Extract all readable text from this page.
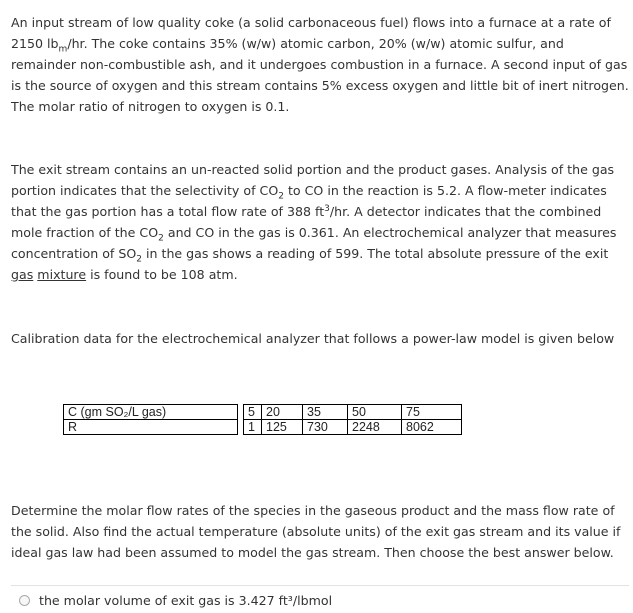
An input stream of low quality coke (a solid carbonaceous fuel) flows into a furnace at a rate of 2150 $lb_m/hr$. The coke contains 35% (w/w) atomic carbon, 20% (w/w) atomic sulfur, and remainder non-combustible ash, and it undergoes combustion in a furnace. A second input of gas is the source of oxygen and this stream contains 5% excess oxygen and little bit of inert nitrogen. The molar ratio of nitrogen to oxygen is 0.1.

The exit stream contains an un-reacted solid portion and the product gases. Analysis of the gas portion indicates that the selectivity of $CO_2$ to CO in the reaction is 5.2. A flow-meter indicates that the gas portion has a total flow rate of 388 $ft^3/hr$. A detector indicates that the combined mole fraction of the $CO_2$ and CO in the gas is 0.361. An electrochemical analyzer that measures concentration of $SO_2$ in the gas shows a reading of 599. The total absolute pressure of the exit gas mixture is found to be 108 atm.

Calibration data for the electrochemical analyzer that follows a power-law model is given below

C (gm SO₂/L gas)		5	20	35	50	75
R		1	125	730	2248	8062

Determine the molar flow rates of the species in the gaseous product and the mass flow rate of the solid. Also find the actual temperature (absolute units) of the exit gas stream and its value if ideal gas law had been assumed to model the gas stream. Then choose the best answer below.

the molar volume of exit gas is 3.427 ft³/lbmol
